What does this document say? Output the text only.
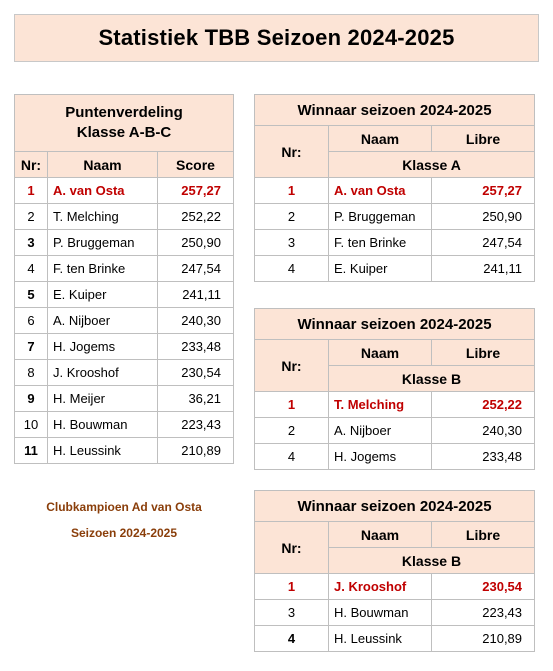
Statistiek TBB Seizoen 2024-2025
Puntenverdeling
Klasse A-B-C		

Nr:	Naam	Score
1	A. van Osta	257,27
2	T. Melching	252,22
3	P. Bruggeman	250,90
4	F. ten Brinke	247,54
5	E. Kuiper	241,11
6	A. Nijboer	240,30
7	H. Jogems	233,48
8	J. Krooshof	230,54
9	H. Meijer	36,21
10	H. Bouwman	223,43
11	H. Leussink	210,89
Winnaar seizoen 2024-2025		
Nr:	Naam	Libre
	Klasse A	
1	A. van Osta	257,27
2	P. Bruggeman	250,90
3	F. ten Brinke	247,54
4	E. Kuiper	241,11
Winnaar seizoen 2024-2025		
Nr:	Naam	Libre
	Klasse B	
1	T. Melching	252,22
2	A. Nijboer	240,30
4	H. Jogems	233,48
Winnaar seizoen 2024-2025		
Nr:	Naam	Libre
	Klasse B	
1	J. Krooshof	230,54
3	H. Bouwman	223,43
4	H. Leussink	210,89
Clubkampioen Ad van Osta
Seizoen 2024-2025
